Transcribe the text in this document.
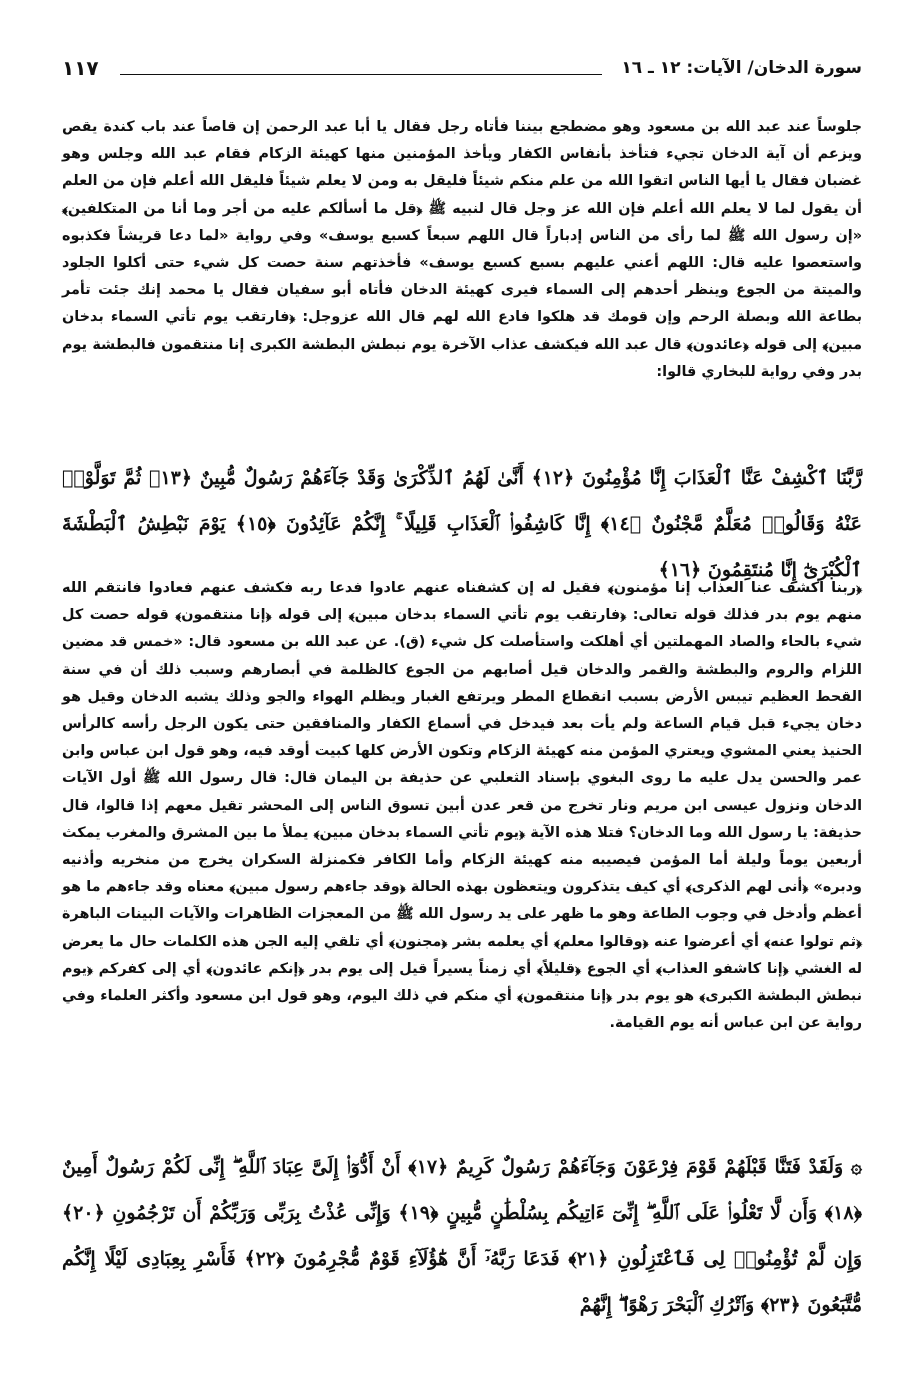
سورة الدخان/ الآيات: ١٢ ـ ١٦
١١٧

جلوساً عند عبد الله بن مسعود وهو مضطجع بيننا فأتاه رجل فقال يا أبا عبد الرحمن إن قاصاً عند باب كندة يقص ويزعم أن آية الدخان تجيء فتأخذ بأنفاس الكفار ويأخذ المؤمنين منها كهيئة الزكام فقام عبد الله وجلس وهو غضبان فقال يا أيها الناس اتقوا الله من علم منكم شيئاً فليقل به ومن لا يعلم شيئاً فليقل الله أعلم فإن من العلم أن يقول لما لا يعلم الله أعلم فإن الله عز وجل قال لنبيه ﷺ ﴿قل ما أسألكم عليه من أجر وما أنا من المتكلفين﴾ «إن رسول الله ﷺ لما رأى من الناس إدباراً قال اللهم سبعاً كسبع يوسف» وفي رواية «لما دعا قريشاً فكذبوه واستعصوا عليه قال: اللهم أعني عليهم بسبع كسبع يوسف» فأخذتهم سنة حصت كل شيء حتى أكلوا الجلود والميتة من الجوع وينظر أحدهم إلى السماء فيرى كهيئة الدخان فأتاه أبو سفيان فقال يا محمد إنك جئت تأمر بطاعة الله وبصلة الرحم وإن قومك قد هلكوا فادع الله لهم قال الله عزوجل: ﴿فارتقب يوم تأتي السماء بدخان مبين﴾ إلى قوله ﴿عائدون﴾ قال عبد الله فيكشف عذاب الآخرة يوم نبطش البطشة الكبرى إنا منتقمون فالبطشة يوم بدر وفي رواية للبخاري قالوا:

رَّبَّنَا ٱكْشِفْ عَنَّا ٱلْعَذَابَ إِنَّا مُؤْمِنُونَ ﴿١٢﴾ أَنَّىٰ لَهُمُ ٱلذِّكْرَىٰ وَقَدْ جَآءَهُمْ رَسُولٌ مُّبِينٌ ﴿١٣﴾ ثُمَّ تَوَلَّوْا۟ عَنْهُ وَقَالُوا۟ مُعَلَّمٌ مَّجْنُونٌ ﴿١٤﴾ إِنَّا كَاشِفُوا۟ ٱلْعَذَابِ قَلِيلًا ۚ إِنَّكُمْ عَآئِدُونَ ﴿١٥﴾ يَوْمَ نَبْطِشُ ٱلْبَطْشَةَ ٱلْكُبْرَىٰٓ إِنَّا مُنتَقِمُونَ ﴿١٦﴾

﴿ربنا اكشف عنا العذاب إنا مؤمنون﴾ فقيل له إن كشفناه عنهم عادوا فدعا ربه فكشف عنهم فعادوا فانتقم الله منهم يوم بدر فذلك قوله تعالى: ﴿فارتقب يوم تأتي السماء بدخان مبين﴾ إلى قوله ﴿إنا منتقمون﴾ قوله حصت كل شيء بالحاء والصاد المهملتين أي أهلكت واستأصلت كل شيء (ق). عن عبد الله بن مسعود قال: «خمس قد مضين اللزام والروم والبطشة والقمر والدخان قيل أصابهم من الجوع كالظلمة في أبصارهم وسبب ذلك أن في سنة القحط العظيم تيبس الأرض بسبب انقطاع المطر ويرتفع الغبار ويظلم الهواء والجو وذلك يشبه الدخان وقيل هو دخان يجيء قبل قيام الساعة ولم يأت بعد فيدخل في أسماع الكفار والمنافقين حتى يكون الرجل رأسه كالرأس الحنيذ يعني المشوي ويعتري المؤمن منه كهيئة الزكام وتكون الأرض كلها كبيت أوقد فيه، وهو قول ابن عباس وابن عمر والحسن يدل عليه ما روى البغوي بإسناد الثعلبي عن حذيفة بن اليمان قال: قال رسول الله ﷺ أول الآيات الدخان ونزول عيسى ابن مريم ونار تخرج من قعر عدن أبين تسوق الناس إلى المحشر تقيل معهم إذا قالوا، قال حذيفة: يا رسول الله وما الدخان؟ فتلا هذه الآية ﴿يوم تأتي السماء بدخان مبين﴾ يملأ ما بين المشرق والمغرب يمكث أربعين يوماً وليلة أما المؤمن فيصيبه منه كهيئة الزكام وأما الكافر فكمنزلة السكران يخرج من منخريه وأذنيه ودبره» ﴿أنى لهم الذكرى﴾ أي كيف يتذكرون ويتعظون بهذه الحالة ﴿وقد جاءهم رسول مبين﴾ معناه وقد جاءهم ما هو أعظم وأدخل في وجوب الطاعة وهو ما ظهر على يد رسول الله ﷺ من المعجزات الظاهرات والآيات البينات الباهرة ﴿ثم تولوا عنه﴾ أي أعرضوا عنه ﴿وقالوا معلم﴾ أي يعلمه بشر ﴿مجنون﴾ أي تلقي إليه الجن هذه الكلمات حال ما يعرض له الغشي ﴿إنا كاشفو العذاب﴾ أي الجوع ﴿قليلاً﴾ أي زمناً يسيراً قيل إلى يوم بدر ﴿إنكم عائدون﴾ أي إلى كفركم ﴿يوم نبطش البطشة الكبرى﴾ هو يوم بدر ﴿إنا منتقمون﴾ أي منكم في ذلك اليوم، وهو قول ابن مسعود وأكثر العلماء وفي رواية عن ابن عباس أنه يوم القيامة.

۞ وَلَقَدْ فَتَنَّا قَبْلَهُمْ قَوْمَ فِرْعَوْنَ وَجَآءَهُمْ رَسُولٌ كَرِيمٌ ﴿١٧﴾ أَنْ أَدُّوٓا۟ إِلَىَّ عِبَادَ ٱللَّهِ ۖ إِنِّى لَكُمْ رَسُولٌ أَمِينٌ ﴿١٨﴾ وَأَن لَّا تَعْلُوا۟ عَلَى ٱللَّهِ ۖ إِنِّىٓ ءَاتِيكُم بِسُلْطَٰنٍ مُّبِينٍ ﴿١٩﴾ وَإِنِّى عُذْتُ بِرَبِّى وَرَبِّكُمْ أَن تَرْجُمُونِ ﴿٢٠﴾ وَإِن لَّمْ تُؤْمِنُوا۟ لِى فَٱعْتَزِلُونِ ﴿٢١﴾ فَدَعَا رَبَّهُۥٓ أَنَّ هَٰٓؤُلَآءِ قَوْمٌ مُّجْرِمُونَ ﴿٢٢﴾ فَأَسْرِ بِعِبَادِى لَيْلًا إِنَّكُم مُّتَّبَعُونَ ﴿٢٣﴾ وَٱتْرُكِ ٱلْبَحْرَ رَهْوًا ۖ إِنَّهُمْ
